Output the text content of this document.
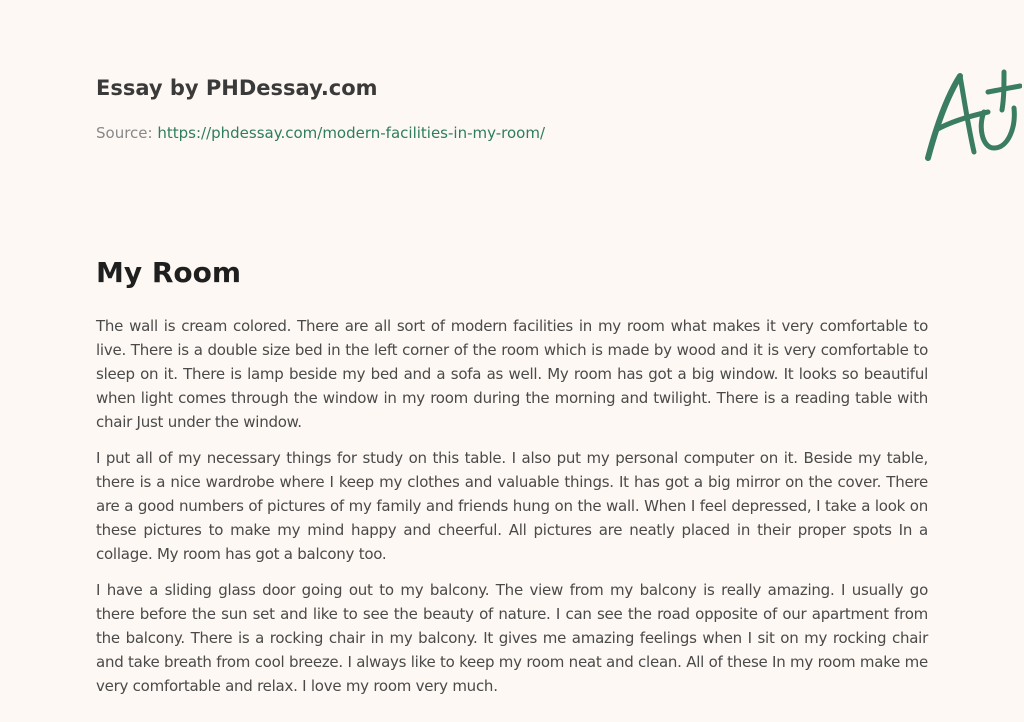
Essay by PHDessay.com
Source: https://phdessay.com/modern-facilities-in-my-room/
My Room

The wall is cream colored. There are all sort of modern facilities in my room what makes it very comfortable to live. There is a double size bed in the left corner of the room which is made by wood and it is very comfortable to sleep on it. There is lamp beside my bed and a sofa as well. My room has got a big window. It looks so beautiful when light comes through the window in my room during the morning and twilight. There is a reading table with chair Just under the window.

I put all of my necessary things for study on this table. I also put my personal computer on it. Beside my table, there is a nice wardrobe where I keep my clothes and valuable things. It has got a big mirror on the cover. There are a good numbers of pictures of my family and friends hung on the wall. When I feel depressed, I take a look on these pictures to make my mind happy and cheerful. All pictures are neatly placed in their proper spots In a collage. My room has got a balcony too.

I have a sliding glass door going out to my balcony. The view from my balcony is really amazing. I usually go there before the sun set and like to see the beauty of nature. I can see the road opposite of our apartment from the balcony. There is a rocking chair in my balcony. It gives me amazing feelings when I sit on my rocking chair and take breath from cool breeze. I always like to keep my room neat and clean. All of these In my room make me very comfortable and relax. I love my room very much.
